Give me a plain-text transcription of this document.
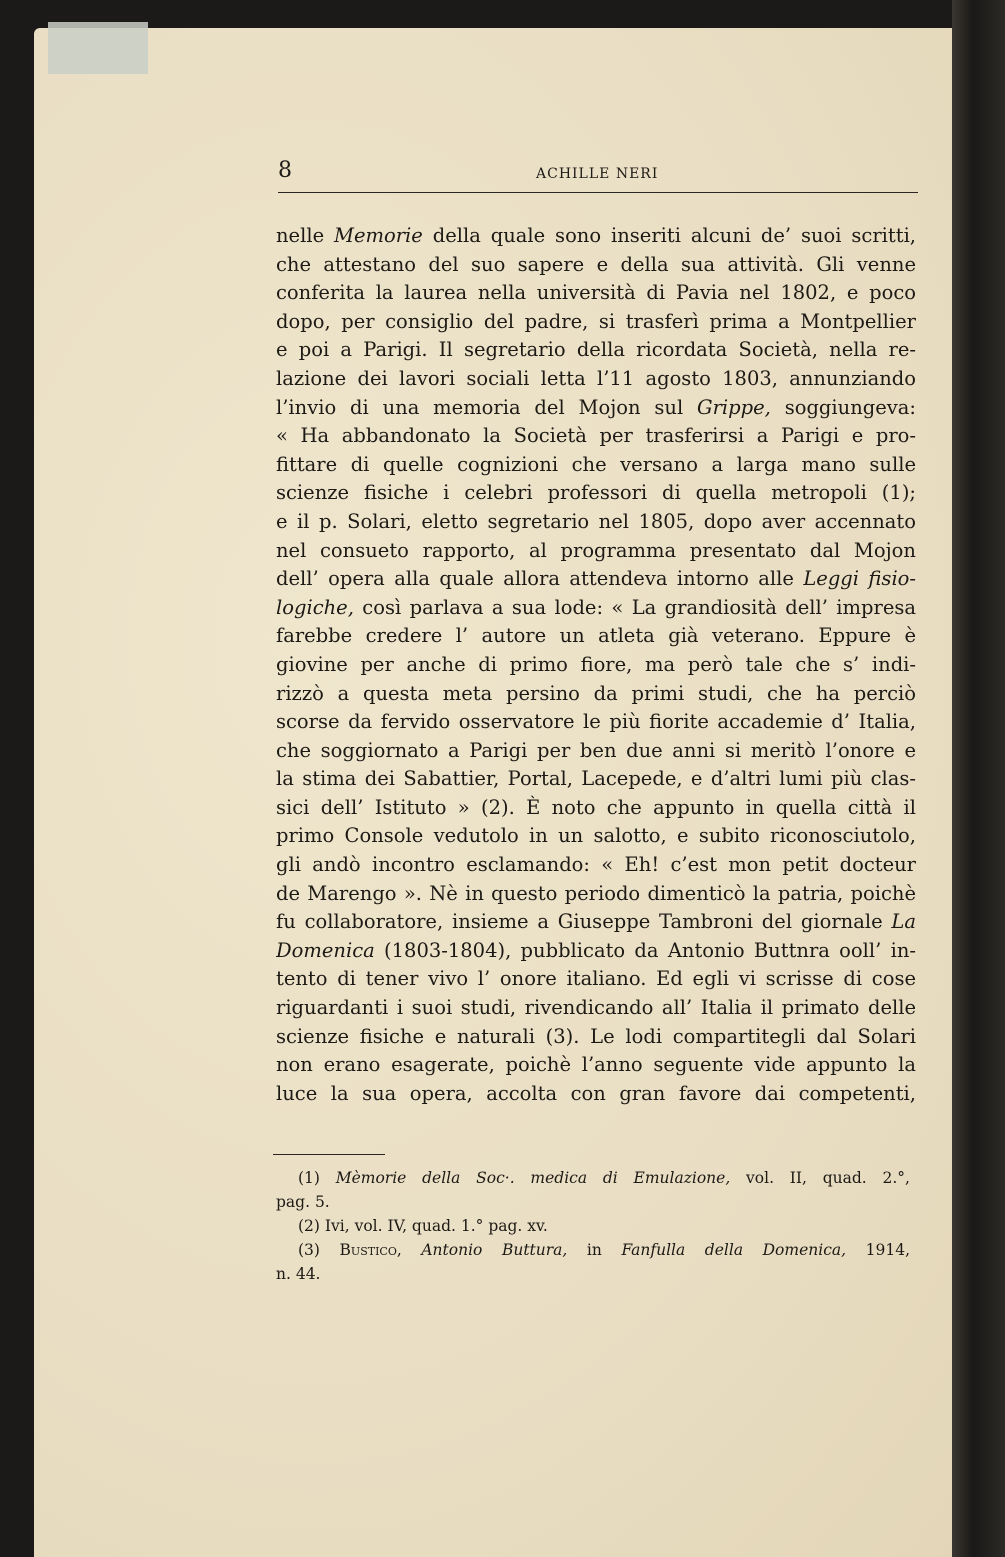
8	ACHILLE NERI
nelle Memorie della quale sono inseriti alcuni de’ suoi scritti,
che attestano del suo sapere e della sua attività. Gli venne
conferita la laurea nella università di Pavia nel 1802, e poco
dopo, per consiglio del padre, si trasferì prima a Montpellier
e poi a Parigi. Il segretario della ricordata Società, nella re-
lazione dei lavori sociali letta l’11 agosto 1803, annunziando
l’invio di una memoria del Mojon sul Grippe, soggiungeva:
« Ha abbandonato la Società per trasferirsi a Parigi e pro-
fittare di quelle cognizioni che versano a larga mano sulle
scienze fisiche i celebri professori di quella metropoli (1);
e il p. Solari, eletto segretario nel 1805, dopo aver accennato
nel consueto rapporto, al programma presentato dal Mojon
dell’ opera alla quale allora attendeva intorno alle Leggi fisio-
logiche, così parlava a sua lode: « La grandiosità dell’ impresa
farebbe credere l’ autore un atleta già veterano. Eppure è
giovine per anche di primo fiore, ma però tale che s’ indi-
rizzò a questa meta persino da primi studi, che ha perciò
scorse da fervido osservatore le più fiorite accademie d’ Italia,
che soggiornato a Parigi per ben due anni si meritò l’onore e
la stima dei Sabattier, Portal, Lacepede, e d’altri lumi più clas-
sici dell’ Istituto » (2). È noto che appunto in quella città il
primo Console vedutolo in un salotto, e subito riconosciutolo,
gli andò incontro esclamando: « Eh! c’est mon petit docteur
de Marengo ». Nè in questo periodo dimenticò la patria, poichè
fu collaboratore, insieme a Giuseppe Tambroni del giornale La
Domenica (1803-1804), pubblicato da Antonio Buttnra ooll’ in-
tento di tener vivo l’ onore italiano. Ed egli vi scrisse di cose
riguardanti i suoi studi, rivendicando all’ Italia il primato delle
scienze fisiche e naturali (3). Le lodi compartitegli dal Solari
non erano esagerate, poichè l’anno seguente vide appunto la
luce la sua opera, accolta con gran favore dai competenti,
(1) Mèmorie della Soc·. medica di Emulazione, vol. II, quad. 2.°,
pag. 5.
(2) Ivi, vol. IV, quad. 1.° pag. xv.
(3) Bustico, Antonio Buttura, in Fanfulla della Domenica, 1914,
n. 44.
